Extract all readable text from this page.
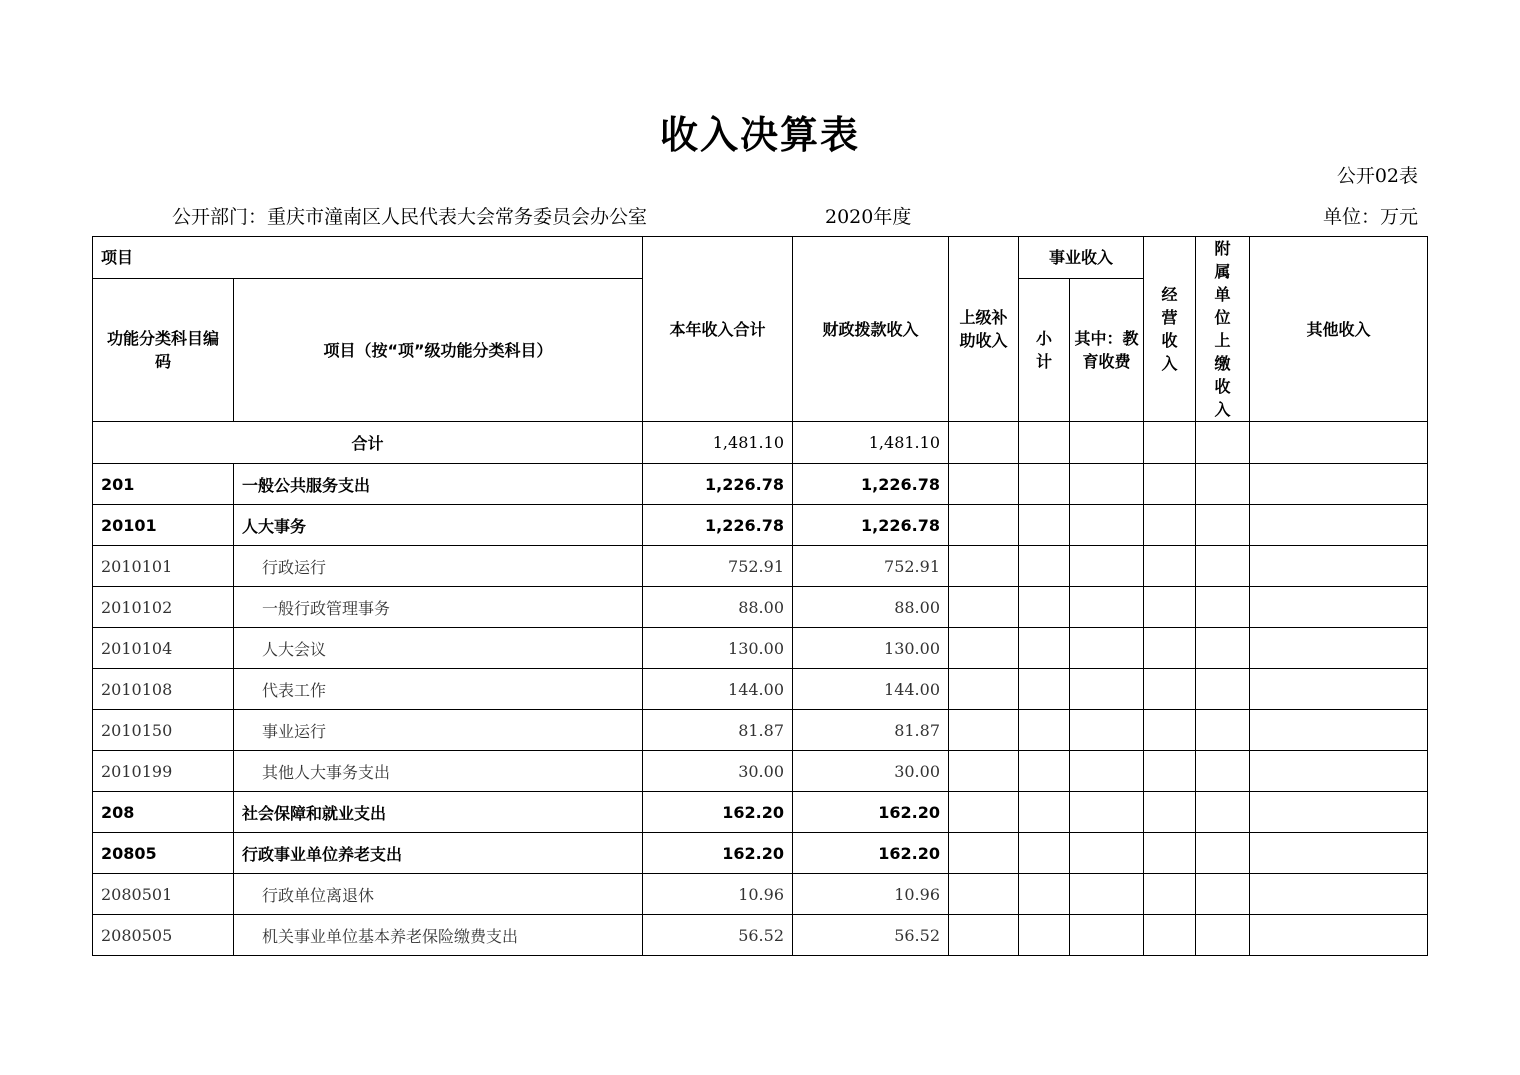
收入决算表
公开02表
公开部门：重庆市潼南区人民代表大会常务委员会办公室	2020年度	单位：万元
项目		本年收入合计	财政拨款收入	上级补助收入	事业收入		经营收入	附属单位上缴收入	其他收入

功能分类科目编码	项目（按“项”级功能分类科目）				小计	其中：教育收费			

合计		1,481.10	1,481.10						
201	一般公共服务支出	1,226.78	1,226.78						
20101	人大事务	1,226.78	1,226.78						
2010101	行政运行	752.91	752.91						
2010102	一般行政管理事务	88.00	88.00						
2010104	人大会议	130.00	130.00						
2010108	代表工作	144.00	144.00						
2010150	事业运行	81.87	81.87						
2010199	其他人大事务支出	30.00	30.00						
208	社会保障和就业支出	162.20	162.20						
20805	行政事业单位养老支出	162.20	162.20						
2080501	行政单位离退休	10.96	10.96						
2080505	机关事业单位基本养老保险缴费支出	56.52	56.52						
